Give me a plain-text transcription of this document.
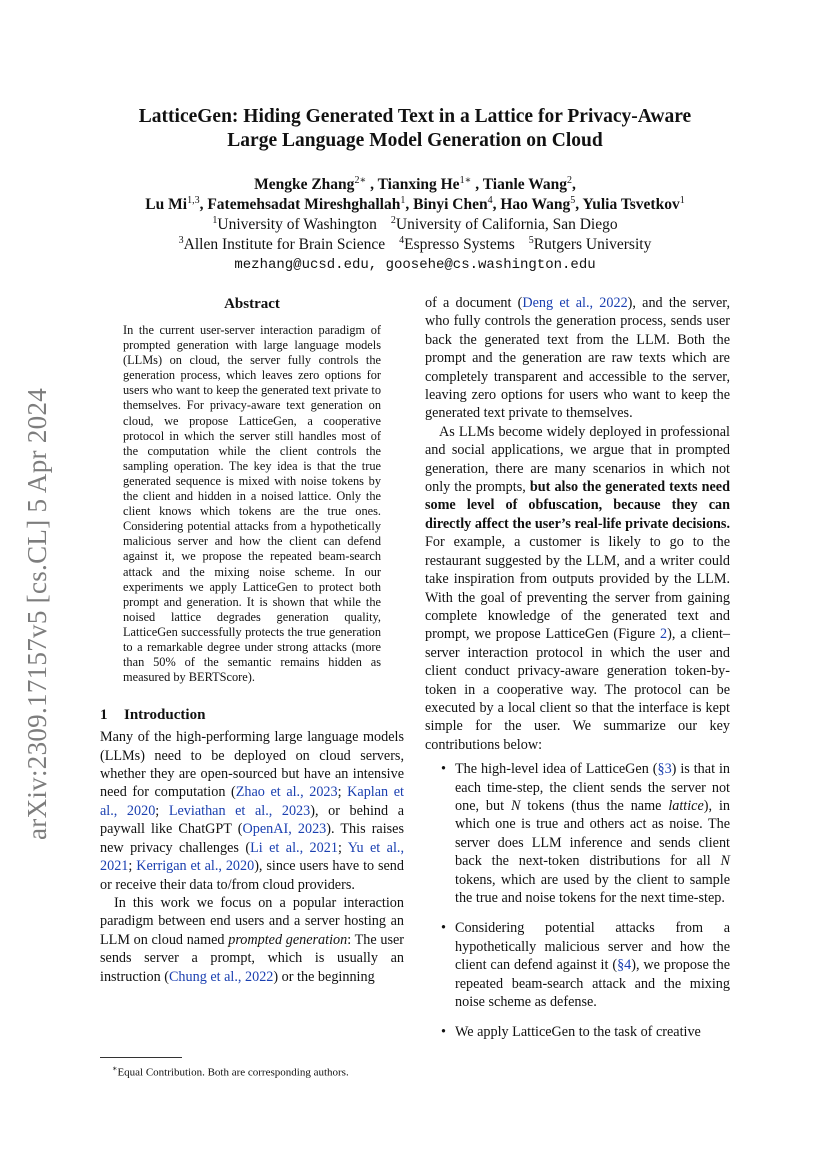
arXiv:2309.17157v5 [cs.CL] 5 Apr 2024
LatticeGen: Hiding Generated Text in a Lattice for Privacy-Aware
Large Language Model Generation on Cloud
Mengke Zhang$^{2∗}$ , Tianxing $He^{1∗}$ , Tianle Wang$^2$,
Lu Mi$^{1,3}$, Fatemehsadat Mireshghallah$^1$, Binyi Chen$^4$, Hao Wang$^5$, Yulia Tsvetkov$^1$
$^1$University of Washington $^2$University of California, San Diego
$^3$Allen Institute for Brain Science $^4$Espresso Systems $^5$Rutgers University
mezhang@ucsd.edu, goosehe@cs.washington.edu
Abstract
In the current user-server interaction paradigm of prompted generation with large language models (LLMs) on cloud, the server fully controls the generation process, which leaves zero options for users who want to keep the generated text private to themselves. For privacy-aware text generation on cloud, we propose LatticeGen, a cooperative protocol in which the server still handles most of the computation while the client controls the sampling operation. The key idea is that the true generated sequence is mixed with noise tokens by the client and hidden in a noised lattice. Only the client knows which tokens are the true ones. Considering potential attacks from a hypothetically malicious server and how the client can defend against it, we propose the repeated beam-search attack and the mixing noise scheme. In our experiments we apply LatticeGen to protect both prompt and generation. It is shown that while the noised lattice degrades generation quality, LatticeGen successfully protects the true generation to a remarkable degree under strong attacks (more than 50% of the semantic remains hidden as measured by BERTScore).
1 Introduction

Many of the high-performing large language models (LLMs) need to be deployed on cloud servers, whether they are open-sourced but have an intensive need for computation (Zhao et al., 2023; Kaplan et al., 2020; Leviathan et al., 2023), or behind a paywall like ChatGPT (OpenAI, 2023). This raises new privacy challenges (Li et al., 2021; Yu et al., 2021; Kerrigan et al., 2020), since users have to send or receive their data to/from cloud providers.

In this work we focus on a popular interaction paradigm between end users and a server hosting an LLM on cloud named prompted generation: The user sends server a prompt, which is usually an instruction (Chung et al., 2022) or the beginning

of a document (Deng et al., 2022), and the server, who fully controls the generation process, sends user back the generated text from the LLM. Both the prompt and the generation are raw texts which are completely transparent and accessible to the server, leaving zero options for users who want to keep the generated text private to themselves.

As LLMs become widely deployed in professional and social applications, we argue that in prompted generation, there are many scenarios in which not only the prompts, but also the generated texts need some level of obfuscation, because they can directly affect the user’s real-life private decisions. For example, a customer is likely to go to the restaurant suggested by the LLM, and a writer could take inspiration from outputs provided by the LLM. With the goal of preventing the server from gaining complete knowledge of the generated text and prompt, we propose LatticeGen (Figure 2), a client–server interaction protocol in which the user and client conduct privacy-aware generation token-by-token in a cooperative way. The protocol can be executed by a local client so that the interface is kept simple for the user. We summarize our key contributions below:

• The high-level idea of LatticeGen (§3) is that in each time-step, the client sends the server not one, but N tokens (thus the name lattice), in which one is true and others act as noise. The server does LLM inference and sends client back the next-token distributions for all N tokens, which are used by the client to sample the true and noise tokens for the next time-step.
• Considering potential attacks from a hypothetically malicious server and how the client can defend against it (§4), we propose the repeated beam-search attack and the mixing noise scheme as defense.
• We apply LatticeGen to the task of creative
∗Equal Contribution. Both are corresponding authors.
